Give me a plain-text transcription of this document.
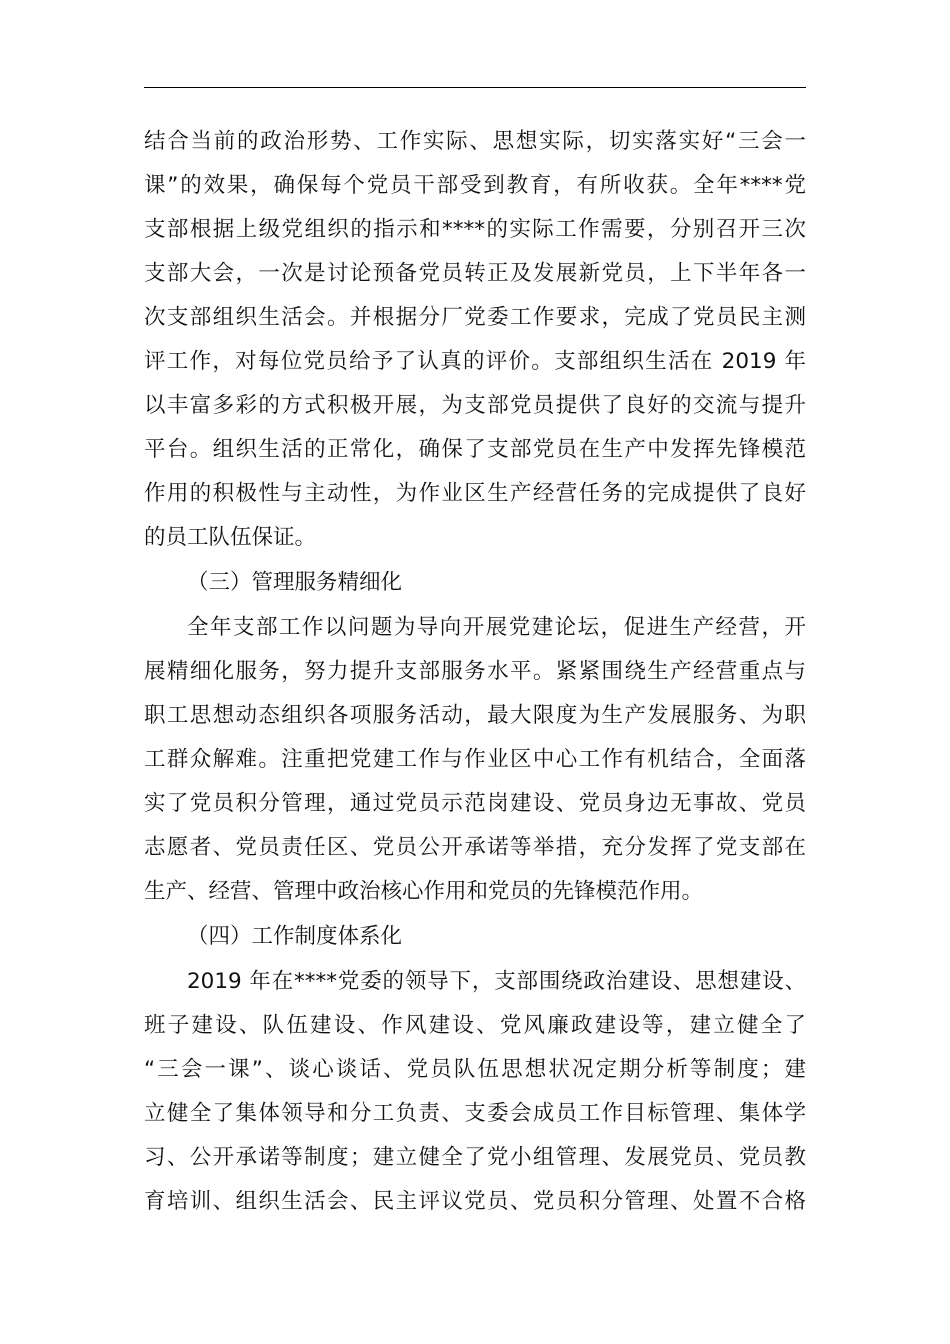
结合当前的政治形势、工作实际、思想实际，切实落实好“三会一
课”的效果，确保每个党员干部受到教育，有所收获。全年****党
支部根据上级党组织的指示和****的实际工作需要，分别召开三次
支部大会，一次是讨论预备党员转正及发展新党员，上下半年各一
次支部组织生活会。并根据分厂党委工作要求，完成了党员民主测
评工作，对每位党员给予了认真的评价。支部组织生活在 2019 年
以丰富多彩的方式积极开展，为支部党员提供了良好的交流与提升
平台。组织生活的正常化，确保了支部党员在生产中发挥先锋模范
作用的积极性与主动性，为作业区生产经营任务的完成提供了良好
的员工队伍保证。
（三）管理服务精细化
全年支部工作以问题为导向开展党建论坛，促进生产经营，开
展精细化服务，努力提升支部服务水平。紧紧围绕生产经营重点与
职工思想动态组织各项服务活动，最大限度为生产发展服务、为职
工群众解难。注重把党建工作与作业区中心工作有机结合，全面落
实了党员积分管理，通过党员示范岗建设、党员身边无事故、党员
志愿者、党员责任区、党员公开承诺等举措，充分发挥了党支部在
生产、经营、管理中政治核心作用和党员的先锋模范作用。
（四）工作制度体系化
2019 年在****党委的领导下，支部围绕政治建设、思想建设、
班子建设、队伍建设、作风建设、党风廉政建设等，建立健全了
“三会一课”、谈心谈话、党员队伍思想状况定期分析等制度；建
立健全了集体领导和分工负责、支委会成员工作目标管理、集体学
习、公开承诺等制度；建立健全了党小组管理、发展党员、党员教
育培训、组织生活会、民主评议党员、党员积分管理、处置不合格
